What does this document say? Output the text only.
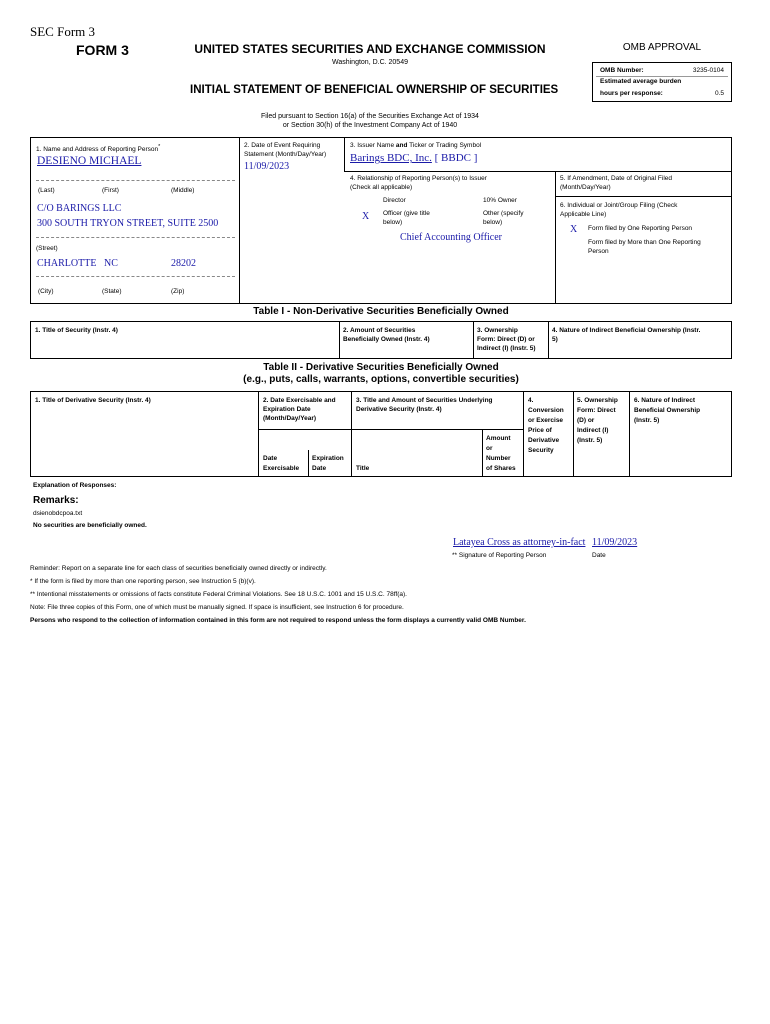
SEC Form 3
FORM 3	UNITED STATES SECURITIES AND EXCHANGE COMMISSION
Washington, D.C. 20549
INITIAL STATEMENT OF BENEFICIAL OWNERSHIP OF SECURITIES
Filed pursuant to Section 16(a) of the Securities Exchange Act of 1934
or Section 30(h) of the Investment Company Act of 1940
OMB APPROVAL
OMB Number:	3235-0104
Estimated average burden
hours per response:	0.5
1. Name and Address of Reporting Person*
DESIENO MICHAEL
(Last)	(First)	(Middle)
C/O BARINGS LLC
300 SOUTH TRYON STREET, SUITE 2500
(Street)
CHARLOTTE NC	28202
(City)	(State)	(Zip)
2. Date of Event Requiring
Statement (Month/Day/Year)
11/09/2023
3. Issuer Name and Ticker or Trading Symbol
Barings BDC, Inc. [ BBDC ]
4. Relationship of Reporting Person(s) to Issuer
(Check all applicable)
Director	10% Owner
X Officer (give title
below)
Other (specify
below)
Chief Accounting Officer
5. If Amendment, Date of Original Filed
(Month/Day/Year)
6. Individual or Joint/Group Filing (Check
Applicable Line)
X Form filed by One Reporting Person
Form filed by More than One Reporting
Person
Table I - Non-Derivative Securities Beneficially Owned
1. Title of Security (Instr. 4)	2. Amount of Securities
Beneficially Owned (Instr. 4)
3. Ownership
Form: Direct (D) or
Indirect (I) (Instr. 5)
4. Nature of Indirect Beneficial Ownership (Instr.
5)
Table II - Derivative Securities Beneficially Owned
(e.g., puts, calls, warrants, options, convertible securities)
1. Title of Derivative Security (Instr. 4)	2. Date Exercisable and
Expiration Date
(Month/Day/Year)
3. Title and Amount of Securities Underlying
Derivative Security (Instr. 4)
4.
Conversion
or Exercise
Price of
Derivative
Security
5. Ownership
Form: Direct
(D) or
Indirect (I)
(Instr. 5)
6. Nature of Indirect
Beneficial Ownership
(Instr. 5)
Date
Exercisable
Expiration
Date	Title
Amount
or
Number
of Shares
Explanation of Responses:
Remarks:
dsienobdcpoa.txt
No securities are beneficially owned.
Latayea Cross as attorney-in-fact 11/09/2023
** Signature of Reporting Person	Date
Reminder: Report on a separate line for each class of securities beneficially owned directly or indirectly.
* If the form is filed by more than one reporting person, see Instruction 5 (b)(v).
** Intentional misstatements or omissions of facts constitute Federal Criminal Violations. See 18 U.S.C. 1001 and 15 U.S.C. 78ff(a).
Note: File three copies of this Form, one of which must be manually signed. If space is insufficient, see Instruction 6 for procedure.
Persons who respond to the collection of information contained in this form are not required to respond unless the form displays a currently valid OMB Number.
